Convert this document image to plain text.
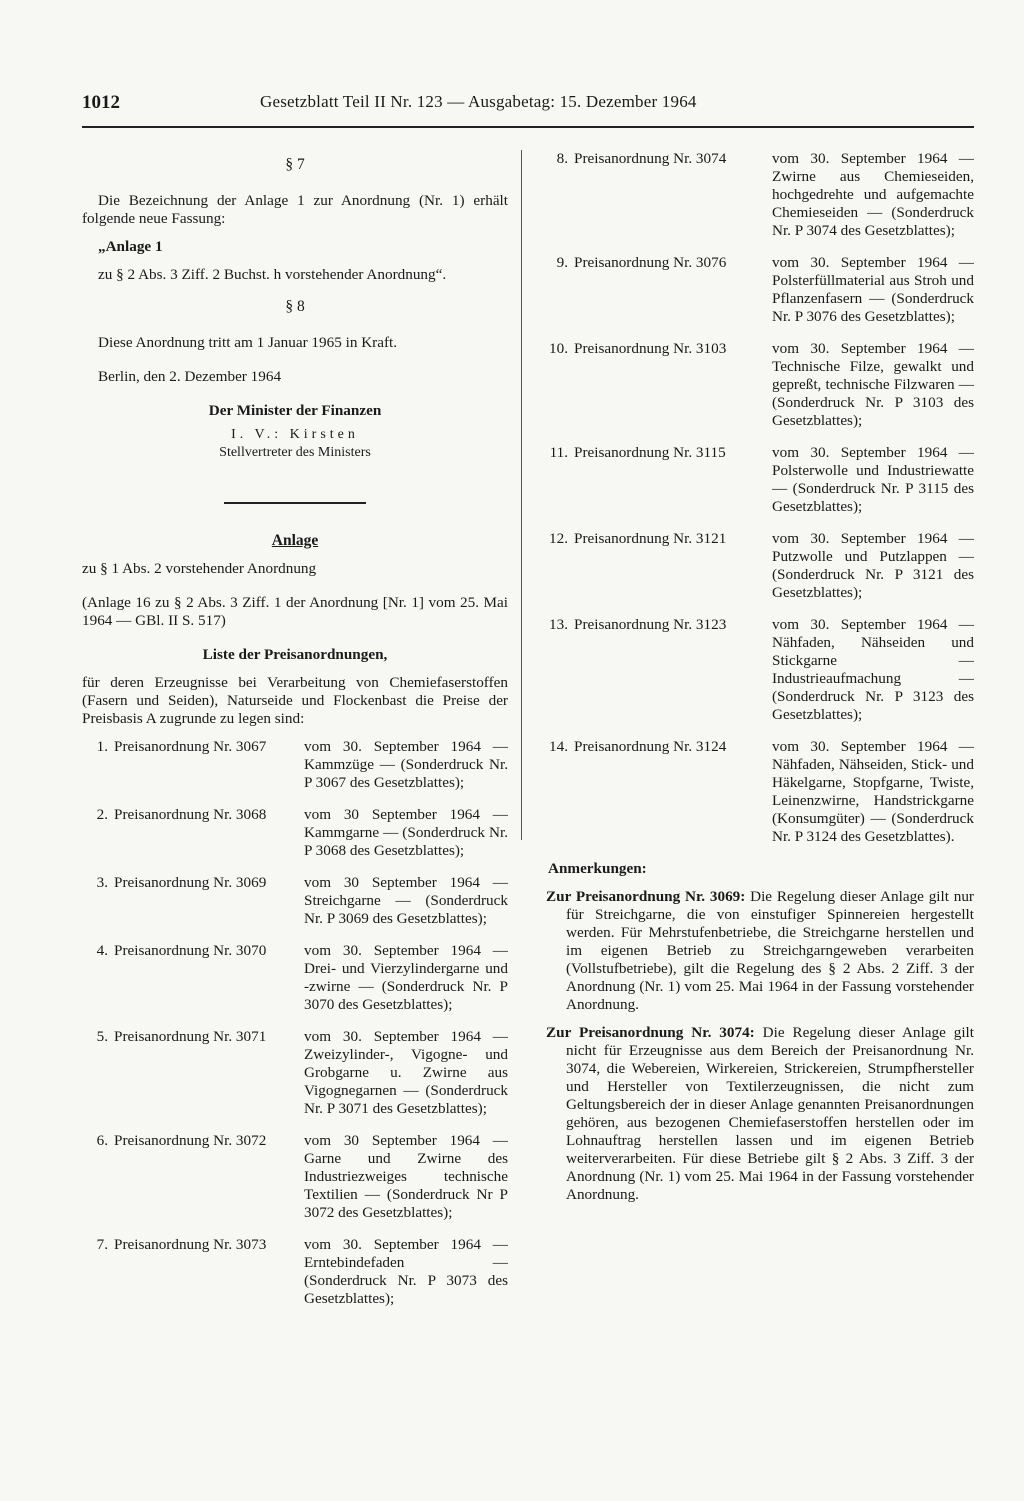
1012	Gesetzblatt Teil II Nr. 123 — Ausgabetag: 15. Dezember 1964

§ 7

Die Bezeichnung der Anlage 1 zur Anordnung (Nr. 1) erhält folgende neue Fassung:

„Anlage 1

zu § 2 Abs. 3 Ziff. 2 Buchst. h vorstehender Anordnung“.

§ 8

Diese Anordnung tritt am 1 Januar 1965 in Kraft.

Berlin, den 2. Dezember 1964

Der Minister der Finanzen

I. V.: Kirsten

Stellvertreter des Ministers

Anlage

zu § 1 Abs. 2 vorstehender Anordnung

(Anlage 16 zu § 2 Abs. 3 Ziff. 1 der Anordnung [Nr. 1] vom 25. Mai 1964 — GBl. II S. 517)

Liste der Preisanordnungen,

für deren Erzeugnisse bei Verarbeitung von Chemiefaserstoffen (Fasern und Seiden), Naturseide und Flockenbast die Preise der Preisbasis A zugrunde zu legen sind:

1. Preisanordnung Nr. 3067	vom 30. September 1964 — Kammzüge — (Sonderdruck Nr. P 3067 des Gesetzblattes);
2. Preisanordnung Nr. 3068	vom 30 September 1964 — Kammgarne — (Sonderdruck Nr. P 3068 des Gesetzblattes);
3. Preisanordnung Nr. 3069	vom 30 September 1964 — Streichgarne — (Sonderdruck Nr. P 3069 des Gesetzblattes);
4. Preisanordnung Nr. 3070	vom 30. September 1964 — Drei- und Vierzylindergarne und -zwirne — (Sonderdruck Nr. P 3070 des Gesetzblattes);
5. Preisanordnung Nr. 3071	vom 30. September 1964 — Zweizylinder-, Vigogne- und Grobgarne u. Zwirne aus Vigognegarnen — (Sonderdruck Nr. P 3071 des Gesetzblattes);
6. Preisanordnung Nr. 3072	vom 30 September 1964 — Garne und Zwirne des Industriezweiges technische Textilien — (Sonderdruck Nr P 3072 des Gesetzblattes);
7. Preisanordnung Nr. 3073	vom 30. September 1964 — Erntebindefaden — (Sonderdruck Nr. P 3073 des Gesetzblattes);
8. Preisanordnung Nr. 3074	vom 30. September 1964 — Zwirne aus Chemieseiden, hochgedrehte und aufgemachte Chemieseiden — (Sonderdruck Nr. P 3074 des Gesetzblattes);
9. Preisanordnung Nr. 3076	vom 30. September 1964 — Polsterfüllmaterial aus Stroh und Pflanzenfasern — (Sonderdruck Nr. P 3076 des Gesetzblattes);
10. Preisanordnung Nr. 3103	vom 30. September 1964 — Technische Filze, gewalkt und gepreßt, technische Filzwaren — (Sonderdruck Nr. P 3103 des Gesetzblattes);
11. Preisanordnung Nr. 3115	vom 30. September 1964 — Polsterwolle und Industriewatte — (Sonderdruck Nr. P 3115 des Gesetzblattes);
12. Preisanordnung Nr. 3121	vom 30. September 1964 — Putzwolle und Putzlappen — (Sonderdruck Nr. P 3121 des Gesetzblattes);
13. Preisanordnung Nr. 3123	vom 30. September 1964 — Nähfaden, Nähseiden und Stickgarne — Industrieaufmachung — (Sonderdruck Nr. P 3123 des Gesetzblattes);
14. Preisanordnung Nr. 3124	vom 30. September 1964 — Nähfaden, Nähseiden, Stick- und Häkelgarne, Stopfgarne, Twiste, Leinenzwirne, Handstrickgarne (Konsumgüter) — (Sonderdruck Nr. P 3124 des Gesetzblattes).

Anmerkungen:

Zur Preisanordnung Nr. 3069: Die Regelung dieser Anlage gilt nur für Streichgarne, die von einstufiger Spinnereien hergestellt werden. Für Mehrstufenbetriebe, die Streichgarne herstellen und im eigenen Betrieb zu Streichgarngeweben verarbeiten (Vollstufbetriebe), gilt die Regelung des § 2 Abs. 2 Ziff. 3 der Anordnung (Nr. 1) vom 25. Mai 1964 in der Fassung vorstehender Anordnung.

Zur Preisanordnung Nr. 3074: Die Regelung dieser Anlage gilt nicht für Erzeugnisse aus dem Bereich der Preisanordnung Nr. 3074, die Webereien, Wirkereien, Strickereien, Strumpfhersteller und Hersteller von Textilerzeugnissen, die nicht zum Geltungsbereich der in dieser Anlage genannten Preisanordnungen gehören, aus bezogenen Chemiefaserstoffen herstellen oder im Lohnauftrag herstellen lassen und im eigenen Betrieb weiterverarbeiten. Für diese Betriebe gilt § 2 Abs. 3 Ziff. 3 der Anordnung (Nr. 1) vom 25. Mai 1964 in der Fassung vorstehender Anordnung.
